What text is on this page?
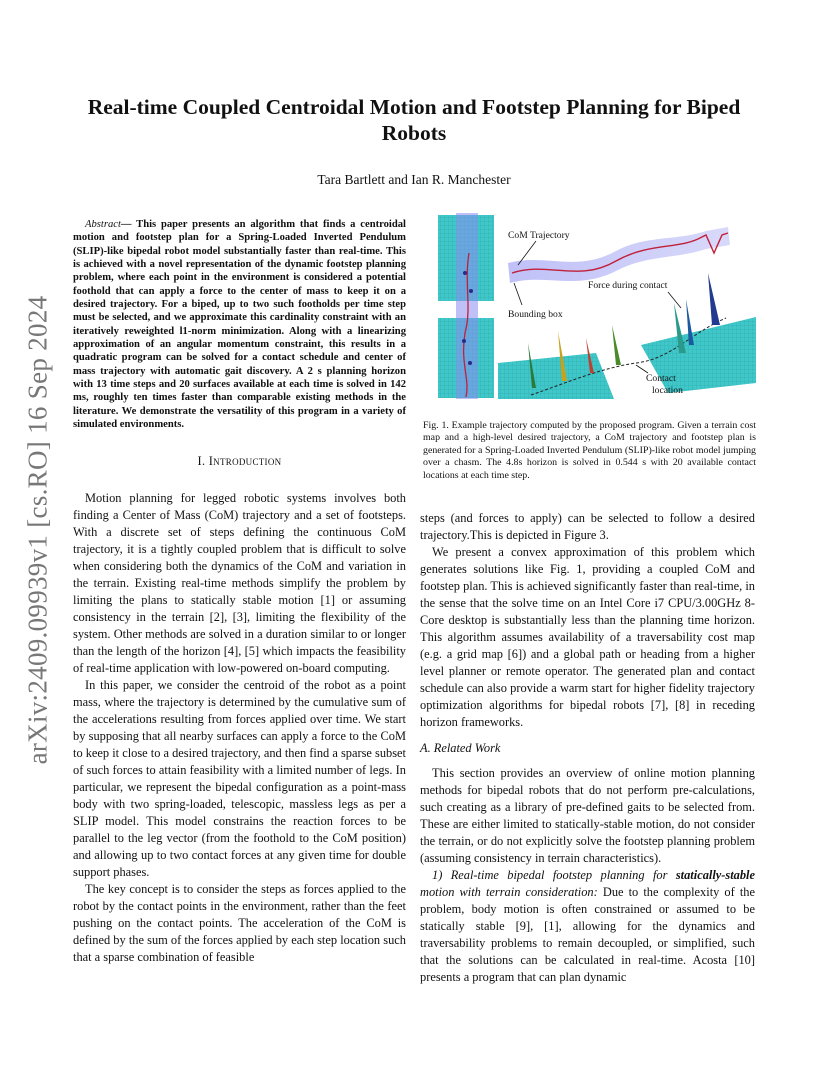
arXiv:2409.09939v1 [cs.RO] 16 Sep 2024
Real-time Coupled Centroidal Motion and Footstep Planning for Biped Robots
Tara Bartlett and Ian R. Manchester

Abstract— This paper presents an algorithm that finds a centroidal motion and footstep plan for a Spring-Loaded Inverted Pendulum (SLIP)-like bipedal robot model substantially faster than real-time. This is achieved with a novel representation of the dynamic footstep planning problem, where each point in the environment is considered a potential foothold that can apply a force to the center of mass to keep it on a desired trajectory. For a biped, up to two such footholds per time step must be selected, and we approximate this cardinality constraint with an iteratively reweighted l1-norm minimization. Along with a linearizing approximation of an angular momentum constraint, this results in a quadratic program can be solved for a contact schedule and center of mass trajectory with automatic gait discovery. A 2 s planning horizon with 13 time steps and 20 surfaces available at each time is solved in 142 ms, roughly ten times faster than comparable existing methods in the literature. We demonstrate the versatility of this program in a variety of simulated environments.

I. Introduction

Motion planning for legged robotic systems involves both finding a Center of Mass (CoM) trajectory and a set of footsteps. With a discrete set of steps defining the continuous CoM trajectory, it is a tightly coupled problem that is difficult to solve when considering both the dynamics of the CoM and variation in the terrain. Existing real-time methods simplify the problem by limiting the plans to statically stable motion [1] or assuming consistency in the terrain [2], [3], limiting the flexibility of the system. Other methods are solved in a duration similar to or longer than the length of the horizon [4], [5] which impacts the feasibility of real-time application with low-powered on-board computing.

In this paper, we consider the centroid of the robot as a point mass, where the trajectory is determined by the cumulative sum of the accelerations resulting from forces applied over time. We start by supposing that all nearby surfaces can apply a force to the CoM to keep it close to a desired trajectory, and then find a sparse subset of such forces to attain feasibility with a limited number of legs. In particular, we represent the bipedal configuration as a point-mass body with two spring-loaded, telescopic, massless legs as per a SLIP model. This model constrains the reaction forces to be parallel to the leg vector (from the foothold to the CoM position) and allowing up to two contact forces at any given time for double support phases.

The key concept is to consider the steps as forces applied to the robot by the contact points in the environment, rather than the feet pushing on the contact points. The acceleration of the CoM is defined by the sum of the forces applied by each step location such that a sparse combination of feasible

CoM Trajectory
Force during contact
Bounding box
Contact
location

Fig. 1. Example trajectory computed by the proposed program. Given a terrain cost map and a high-level desired trajectory, a CoM trajectory and footstep plan is generated for a Spring-Loaded Inverted Pendulum (SLIP)-like robot model jumping over a chasm. The 4.8s horizon is solved in 0.544 s with 20 available contact locations at each time step.

steps (and forces to apply) can be selected to follow a desired trajectory.This is depicted in Figure 3.

We present a convex approximation of this problem which generates solutions like Fig. 1, providing a coupled CoM and footstep plan. This is achieved significantly faster than real-time, in the sense that the solve time on an Intel Core i7 CPU/3.00GHz 8-Core desktop is substantially less than the planning time horizon. This algorithm assumes availability of a traversability cost map (e.g. a grid map [6]) and a global path or heading from a higher level planner or remote operator. The generated plan and contact schedule can also provide a warm start for higher fidelity trajectory optimization algorithms for bipedal robots [7], [8] in receding horizon frameworks.

A. Related Work

This section provides an overview of online motion planning methods for bipedal robots that do not perform pre-calculations, such creating as a library of pre-defined gaits to be selected from. These are either limited to statically-stable motion, do not consider the terrain, or do not explicitly solve the footstep planning problem (assuming consistency in terrain characteristics).

1) Real-time bipedal footstep planning for statically-stable motion with terrain consideration: Due to the complexity of the problem, body motion is often constrained or assumed to be statically stable [9], [1], allowing for the dynamics and traversability problems to remain decoupled, or simplified, such that the solutions can be calculated in real-time. Acosta [10] presents a program that can plan dynamic
